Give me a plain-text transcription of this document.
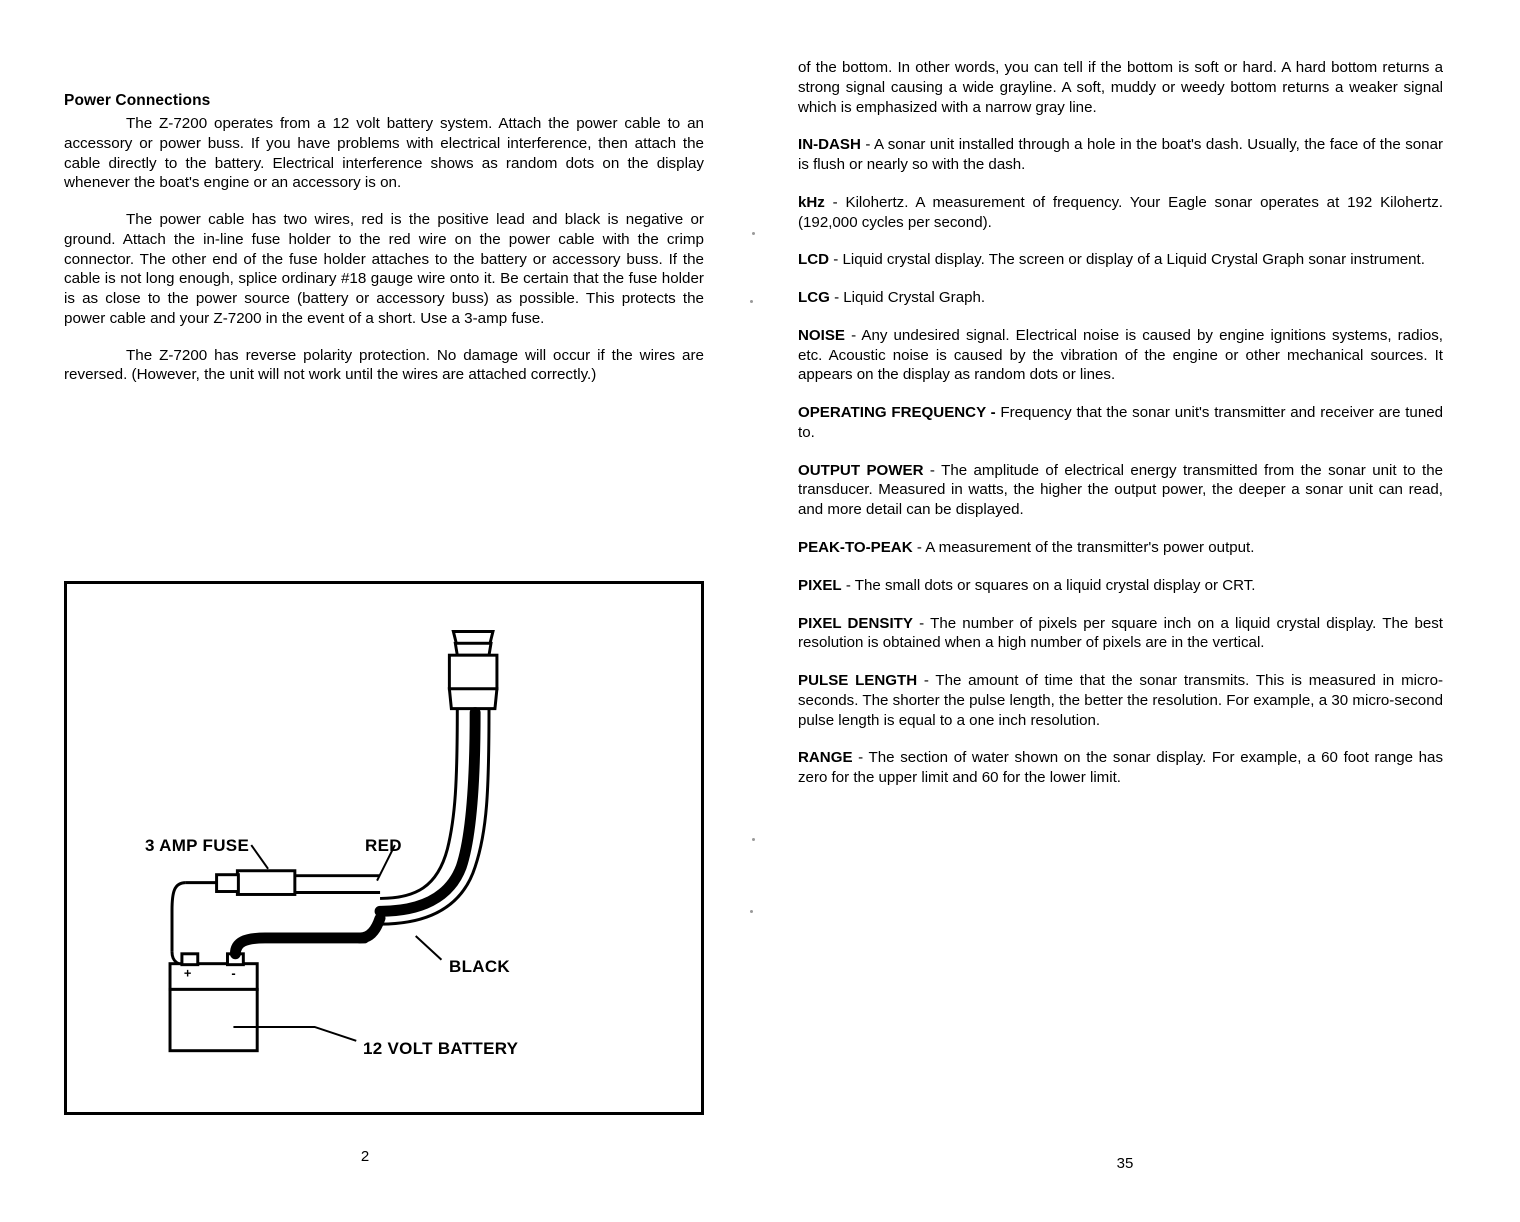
Power Connections

The Z-7200 operates from a 12 volt battery system. Attach the power cable to an accessory or power buss. If you have problems with electrical interference, then attach the cable directly to the battery. Electrical interference shows as random dots on the display whenever the boat's engine or an accessory is on.

The power cable has two wires, red is the positive lead and black is negative or ground. Attach the in-line fuse holder to the red wire on the power cable with the crimp connector. The other end of the fuse holder attaches to the battery or accessory buss. If the cable is not long enough, splice ordinary #18 gauge wire onto it. Be certain that the fuse holder is as close to the power source (battery or accessory buss) as possible. This protects the power cable and your Z-7200 in the event of a short. Use a 3-amp fuse.

The Z-7200 has reverse polarity protection. No damage will occur if the wires are reversed. (However, the unit will not work until the wires are attached correctly.)

+	-
3 AMP FUSE	RED
BLACK
12 VOLT BATTERY
2

of the bottom. In other words, you can tell if the bottom is soft or hard. A hard bottom returns a strong signal causing a wide grayline. A soft, muddy or weedy bottom returns a weaker signal which is emphasized with a narrow gray line.

IN-DASH - A sonar unit installed through a hole in the boat's dash. Usually, the face of the sonar is flush or nearly so with the dash.

kHz - Kilohertz. A measurement of frequency. Your Eagle sonar operates at 192 Kilohertz. (192,000 cycles per second).

LCD - Liquid crystal display. The screen or display of a Liquid Crystal Graph sonar instrument.

LCG - Liquid Crystal Graph.

NOISE - Any undesired signal. Electrical noise is caused by engine ignitions systems, radios, etc. Acoustic noise is caused by the vibration of the engine or other mechanical sources. It appears on the display as random dots or lines.

OPERATING FREQUENCY - Frequency that the sonar unit's transmitter and receiver are tuned to.

OUTPUT POWER - The amplitude of electrical energy transmitted from the sonar unit to the transducer. Measured in watts, the higher the output power, the deeper a sonar unit can read, and more detail can be displayed.

PEAK-TO-PEAK - A measurement of the transmitter's power output.

PIXEL - The small dots or squares on a liquid crystal display or CRT.

PIXEL DENSITY - The number of pixels per square inch on a liquid crystal display. The best resolution is obtained when a high number of pixels are in the vertical.

PULSE LENGTH - The amount of time that the sonar transmits. This is measured in micro-seconds. The shorter the pulse length, the better the resolution. For example, a 30 micro-second pulse length is equal to a one inch resolution.

RANGE - The section of water shown on the sonar display. For example, a 60 foot range has zero for the upper limit and 60 for the lower limit.

35
